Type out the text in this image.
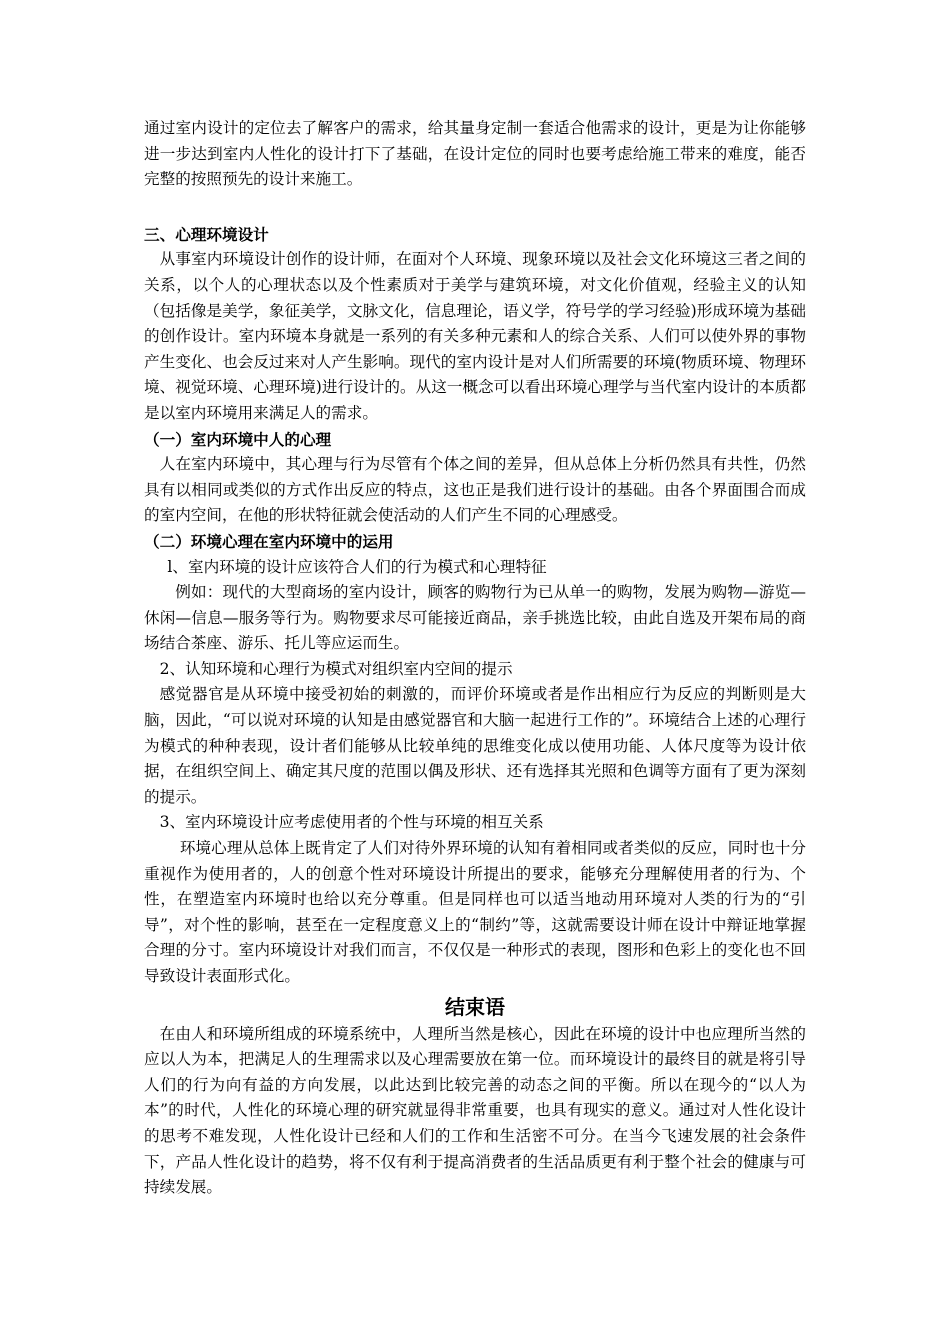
通过室内设计的定位去了解客户的需求，给其量身定制一套适合他需求的设计，更是为让你能够进一步达到室内人性化的设计打下了基础，在设计定位的同时也要考虑给施工带来的难度，能否完整的按照预先的设计来施工。

三、心理环境设计

从事室内环境设计创作的设计师，在面对个人环境、现象环境以及社会文化环境这三者之间的关系，以个人的心理状态以及个性素质对于美学与建筑环境，对文化价值观，经验主义的认知（包括像是美学，象征美学，文脉文化，信息理论，语义学，符号学的学习经验)形成环境为基础的创作设计。室内环境本身就是一系列的有关多种元素和人的综合关系、人们可以使外界的事物产生变化、也会反过来对人产生影响。现代的室内设计是对人们所需要的环境(物质环境、物理环境、视觉环境、心理环境)进行设计的。从这一概念可以看出环境心理学与当代室内设计的本质都是以室内环境用来满足人的需求。

（一）室内环境中人的心理

人在室内环境中，其心理与行为尽管有个体之间的差异，但从总体上分析仍然具有共性，仍然具有以相同或类似的方式作出反应的特点，这也正是我们进行设计的基础。由各个界面围合而成的室内空间，在他的形状特征就会使活动的人们产生不同的心理感受。

（二）环境心理在室内环境中的运用

l、室内环境的设计应该符合人们的行为模式和心理特征

例如：现代的大型商场的室内设计，顾客的购物行为已从单一的购物，发展为购物—游览—休闲—信息—服务等行为。购物要求尽可能接近商品，亲手挑选比较，由此自选及开架布局的商场结合茶座、游乐、托儿等应运而生。

2、认知环境和心理行为模式对组织室内空间的提示

感觉器官是从环境中接受初始的刺激的，而评价环境或者是作出相应行为反应的判断则是大脑，因此，“可以说对环境的认知是由感觉器官和大脑一起进行工作的”。环境结合上述的心理行为模式的种种表现，设计者们能够从比较单纯的思维变化成以使用功能、人体尺度等为设计依据，在组织空间上、确定其尺度的范围以偶及形状、还有选择其光照和色调等方面有了更为深刻的提示。

3、室内环境设计应考虑使用者的个性与环境的相互关系

环境心理从总体上既肯定了人们对待外界环境的认知有着相同或者类似的反应，同时也十分重视作为使用者的，人的创意个性对环境设计所提出的要求，能够充分理解使用者的行为、个性，在塑造室内环境时也给以充分尊重。但是同样也可以适当地动用环境对人类的行为的“引导”，对个性的影响，甚至在一定程度意义上的“制约”等，这就需要设计师在设计中辩证地掌握合理的分寸。室内环境设计对我们而言，不仅仅是一种形式的表现，图形和色彩上的变化也不回导致设计表面形式化。

结束语

在由人和环境所组成的环境系统中，人理所当然是核心，因此在环境的设计中也应理所当然的应以人为本，把满足人的生理需求以及心理需要放在第一位。而环境设计的最终目的就是将引导人们的行为向有益的方向发展，以此达到比较完善的动态之间的平衡。所以在现今的“以人为本”的时代，人性化的环境心理的研究就显得非常重要，也具有现实的意义。通过对人性化设计的思考不难发现，人性化设计已经和人们的工作和生活密不可分。在当今飞速发展的社会条件下，产品人性化设计的趋势，将不仅有利于提高消费者的生活品质更有利于整个社会的健康与可持续发展。
